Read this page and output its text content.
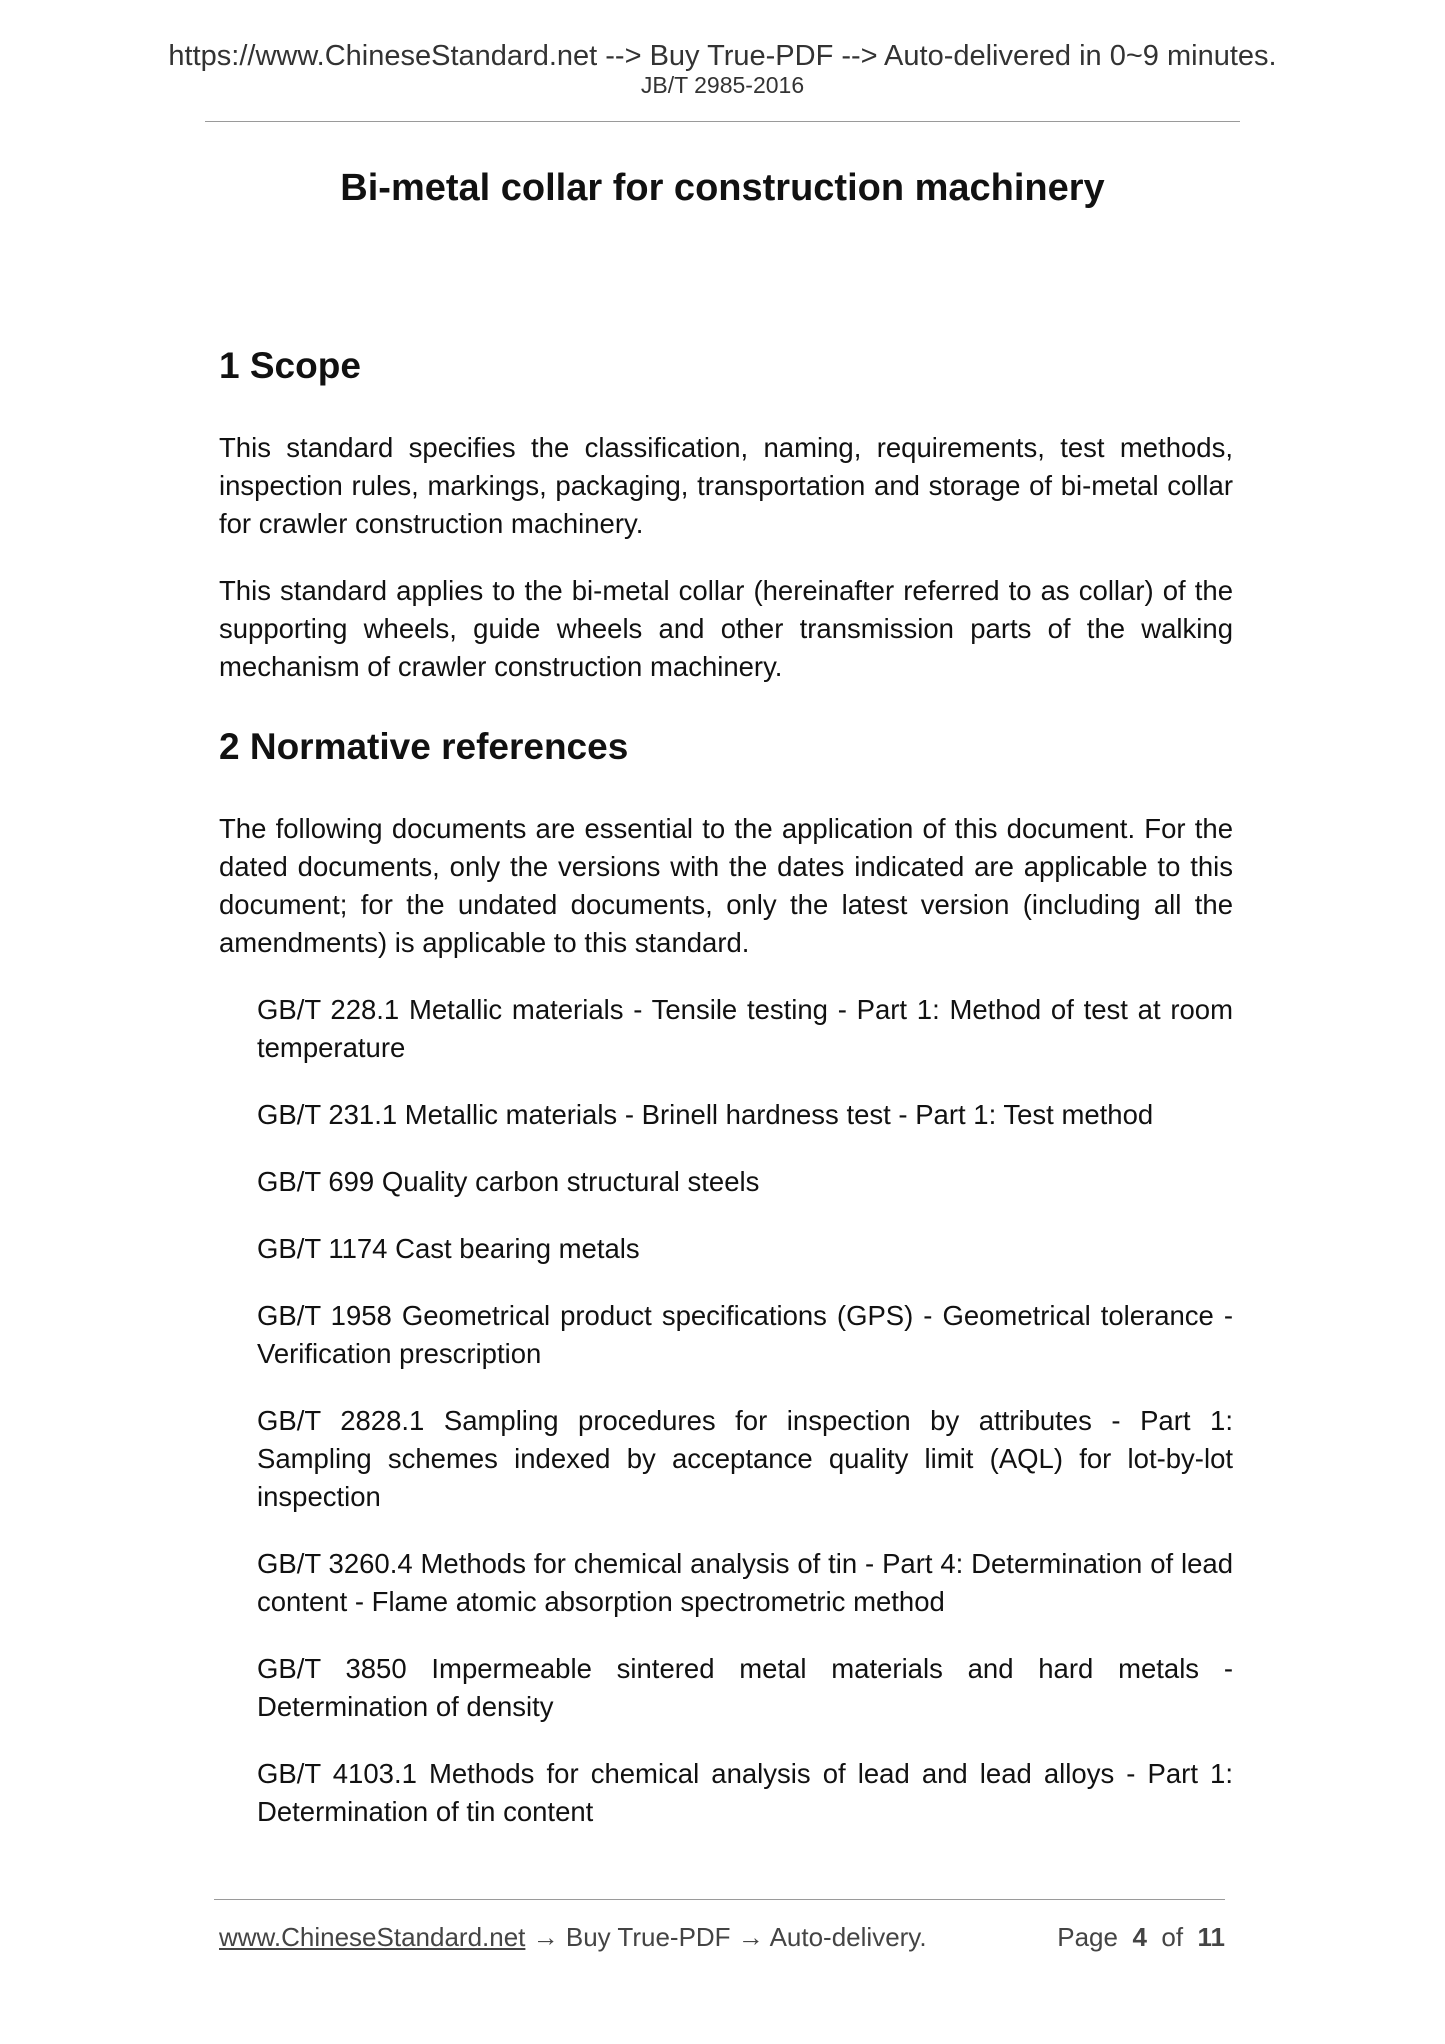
https://www.ChineseStandard.net --> Buy True-PDF --> Auto-delivered in 0~9 minutes.
JB/T 2985-2016
Bi-metal collar for construction machinery
1 Scope

This standard specifies the classification, naming, requirements, test methods, inspection rules, markings, packaging, transportation and storage of bi-metal collar for crawler construction machinery.

This standard applies to the bi-metal collar (hereinafter referred to as collar) of the supporting wheels, guide wheels and other transmission parts of the walking mechanism of crawler construction machinery.

2 Normative references

The following documents are essential to the application of this document. For the dated documents, only the versions with the dates indicated are applicable to this document; for the undated documents, only the latest version (including all the amendments) is applicable to this standard.

GB/T 228.1 Metallic materials - Tensile testing - Part 1: Method of test at room temperature
GB/T 231.1 Metallic materials - Brinell hardness test - Part 1: Test method
GB/T 699 Quality carbon structural steels
GB/T 1174 Cast bearing metals
GB/T 1958 Geometrical product specifications (GPS) - Geometrical tolerance - Verification prescription
GB/T 2828.1 Sampling procedures for inspection by attributes - Part 1: Sampling schemes indexed by acceptance quality limit (AQL) for lot-by-lot inspection
GB/T 3260.4 Methods for chemical analysis of tin - Part 4: Determination of lead content - Flame atomic absorption spectrometric method
GB/T 3850 Impermeable sintered metal materials and hard metals - Determination of density
GB/T 4103.1 Methods for chemical analysis of lead and lead alloys - Part 1: Determination of tin content
www.ChineseStandard.net → Buy True-PDF → Auto-delivery.	Page 4 of 11
